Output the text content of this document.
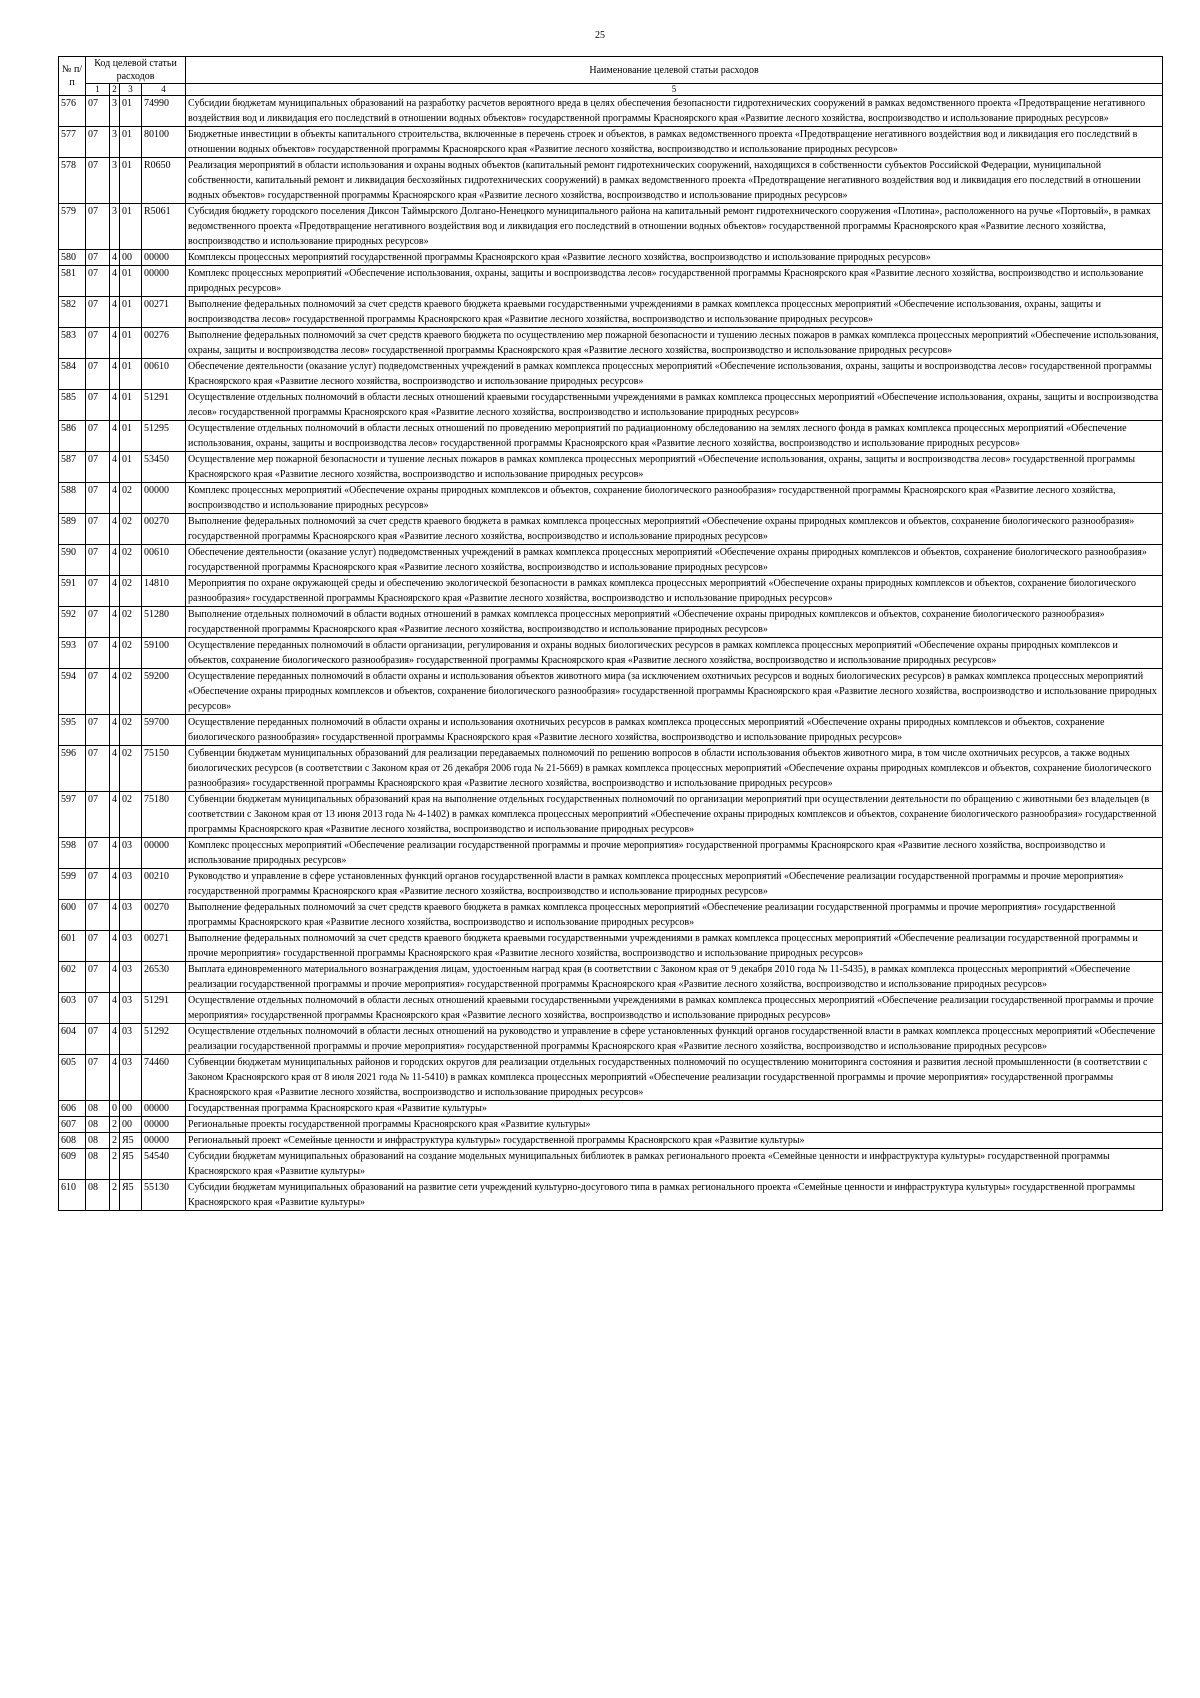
25
№ п/п	Код целевой статьи расходов				Наименование целевой статьи расходов
	1	2	3	4	5
576	07	3	01	74990	Субсидии бюджетам муниципальных образований на разработку расчетов вероятного вреда в целях обеспечения безопасности гидротехнических сооружений в рамках ведомственного проекта «Предотвращение негативного воздействия вод и ликвидация его последствий в отношении водных объектов» государственной программы Красноярского края «Развитие лесного хозяйства, воспроизводство и использование природных ресурсов»
577	07	3	01	80100	Бюджетные инвестиции в объекты капитального строительства, включенные в перечень строек и объектов, в рамках ведомственного проекта «Предотвращение негативного воздействия вод и ликвидация его последствий в отношении водных объектов» государственной программы Красноярского края «Развитие лесного хозяйства, воспроизводство и использование природных ресурсов»
578	07	3	01	R0650	Реализация мероприятий в области использования и охраны водных объектов (капитальный ремонт гидротехнических сооружений, находящихся в собственности субъектов Российской Федерации, муниципальной собственности, капитальный ремонт и ликвидация бесхозяйных гидротехнических сооружений) в рамках ведомственного проекта «Предотвращение негативного воздействия вод и ликвидация его последствий в отношении водных объектов» государственной программы Красноярского края «Развитие лесного хозяйства, воспроизводство и использование природных ресурсов»
579	07	3	01	R5061	Субсидия бюджету городского поселения Диксон Таймырского Долгано-Ненецкого муниципального района на капитальный ремонт гидротехнического сооружения «Плотина», расположенного на ручье «Портовый», в рамках ведомственного проекта «Предотвращение негативного воздействия вод и ликвидация его последствий в отношении водных объектов» государственной программы Красноярского края «Развитие лесного хозяйства, воспроизводство и использование природных ресурсов»
580	07	4	00	00000	Комплексы процессных мероприятий государственной программы Красноярского края «Развитие лесного хозяйства, воспроизводство и использование природных ресурсов»
581	07	4	01	00000	Комплекс процессных мероприятий «Обеспечение использования, охраны, защиты и воспроизводства лесов» государственной программы Красноярского края «Развитие лесного хозяйства, воспроизводство и использование природных ресурсов»
582	07	4	01	00271	Выполнение федеральных полномочий за счет средств краевого бюджета краевыми государственными учреждениями в рамках комплекса процессных мероприятий «Обеспечение использования, охраны, защиты и воспроизводства лесов» государственной программы Красноярского края «Развитие лесного хозяйства, воспроизводство и использование природных ресурсов»
583	07	4	01	00276	Выполнение федеральных полномочий за счет средств краевого бюджета по осуществлению мер пожарной безопасности и тушению лесных пожаров в рамках комплекса процессных мероприятий «Обеспечение использования, охраны, защиты и воспроизводства лесов» государственной программы Красноярского края «Развитие лесного хозяйства, воспроизводство и использование природных ресурсов»
584	07	4	01	00610	Обеспечение деятельности (оказание услуг) подведомственных учреждений в рамках комплекса процессных мероприятий «Обеспечение использования, охраны, защиты и воспроизводства лесов» государственной программы Красноярского края «Развитие лесного хозяйства, воспроизводство и использование природных ресурсов»
585	07	4	01	51291	Осуществление отдельных полномочий в области лесных отношений краевыми государственными учреждениями в рамках комплекса процессных мероприятий «Обеспечение использования, охраны, защиты и воспроизводства лесов» государственной программы Красноярского края «Развитие лесного хозяйства, воспроизводство и использование природных ресурсов»
586	07	4	01	51295	Осуществление отдельных полномочий в области лесных отношений по проведению мероприятий по радиационному обследованию на землях лесного фонда в рамках комплекса процессных мероприятий «Обеспечение использования, охраны, защиты и воспроизводства лесов» государственной программы Красноярского края «Развитие лесного хозяйства, воспроизводство и использование природных ресурсов»
587	07	4	01	53450	Осуществление мер пожарной безопасности и тушение лесных пожаров в рамках комплекса процессных мероприятий «Обеспечение использования, охраны, защиты и воспроизводства лесов» государственной программы Красноярского края «Развитие лесного хозяйства, воспроизводство и использование природных ресурсов»
588	07	4	02	00000	Комплекс процессных мероприятий «Обеспечение охраны природных комплексов и объектов, сохранение биологического разнообразия» государственной программы Красноярского края «Развитие лесного хозяйства, воспроизводство и использование природных ресурсов»
589	07	4	02	00270	Выполнение федеральных полномочий за счет средств краевого бюджета в рамках комплекса процессных мероприятий «Обеспечение охраны природных комплексов и объектов, сохранение биологического разнообразия» государственной программы Красноярского края «Развитие лесного хозяйства, воспроизводство и использование природных ресурсов»
590	07	4	02	00610	Обеспечение деятельности (оказание услуг) подведомственных учреждений в рамках комплекса процессных мероприятий «Обеспечение охраны природных комплексов и объектов, сохранение биологического разнообразия» государственной программы Красноярского края «Развитие лесного хозяйства, воспроизводство и использование природных ресурсов»
591	07	4	02	14810	Мероприятия по охране окружающей среды и обеспечению экологической безопасности в рамках комплекса процессных мероприятий «Обеспечение охраны природных комплексов и объектов, сохранение биологического разнообразия» государственной программы Красноярского края «Развитие лесного хозяйства, воспроизводство и использование природных ресурсов»
592	07	4	02	51280	Выполнение отдельных полномочий в области водных отношений в рамках комплекса процессных мероприятий «Обеспечение охраны природных комплексов и объектов, сохранение биологического разнообразия» государственной программы Красноярского края «Развитие лесного хозяйства, воспроизводство и использование природных ресурсов»
593	07	4	02	59100	Осуществление переданных полномочий в области организации, регулирования и охраны водных биологических ресурсов в рамках комплекса процессных мероприятий «Обеспечение охраны природных комплексов и объектов, сохранение биологического разнообразия» государственной программы Красноярского края «Развитие лесного хозяйства, воспроизводство и использование природных ресурсов»
594	07	4	02	59200	Осуществление переданных полномочий в области охраны и использования объектов животного мира (за исключением охотничьих ресурсов и водных биологических ресурсов) в рамках комплекса процессных мероприятий «Обеспечение охраны природных комплексов и объектов, сохранение биологического разнообразия» государственной программы Красноярского края «Развитие лесного хозяйства, воспроизводство и использование природных ресурсов»
595	07	4	02	59700	Осуществление переданных полномочий в области охраны и использования охотничьих ресурсов в рамках комплекса процессных мероприятий «Обеспечение охраны природных комплексов и объектов, сохранение биологического разнообразия» государственной программы Красноярского края «Развитие лесного хозяйства, воспроизводство и использование природных ресурсов»
596	07	4	02	75150	Субвенции бюджетам муниципальных образований для реализации передаваемых полномочий по решению вопросов в области использования объектов животного мира, в том числе охотничьих ресурсов, а также водных биологических ресурсов (в соответствии с Законом края от 26 декабря 2006 года № 21-5669) в рамках комплекса процессных мероприятий «Обеспечение охраны природных комплексов и объектов, сохранение биологического разнообразия» государственной программы Красноярского края «Развитие лесного хозяйства, воспроизводство и использование природных ресурсов»
597	07	4	02	75180	Субвенции бюджетам муниципальных образований края на выполнение отдельных государственных полномочий по организации мероприятий при осуществлении деятельности по обращению с животными без владельцев (в соответствии с Законом края от 13 июня 2013 года № 4-1402) в рамках комплекса процессных мероприятий «Обеспечение охраны природных комплексов и объектов, сохранение биологического разнообразия» государственной программы Красноярского края «Развитие лесного хозяйства, воспроизводство и использование природных ресурсов»
598	07	4	03	00000	Комплекс процессных мероприятий «Обеспечение реализации государственной программы и прочие мероприятия» государственной программы Красноярского края «Развитие лесного хозяйства, воспроизводство и использование природных ресурсов»
599	07	4	03	00210	Руководство и управление в сфере установленных функций органов государственной власти в рамках комплекса процессных мероприятий «Обеспечение реализации государственной программы и прочие мероприятия» государственной программы Красноярского края «Развитие лесного хозяйства, воспроизводство и использование природных ресурсов»
600	07	4	03	00270	Выполнение федеральных полномочий за счет средств краевого бюджета в рамках комплекса процессных мероприятий «Обеспечение реализации государственной программы и прочие мероприятия» государственной программы Красноярского края «Развитие лесного хозяйства, воспроизводство и использование природных ресурсов»
601	07	4	03	00271	Выполнение федеральных полномочий за счет средств краевого бюджета краевыми государственными учреждениями в рамках комплекса процессных мероприятий «Обеспечение реализации государственной программы и прочие мероприятия» государственной программы Красноярского края «Развитие лесного хозяйства, воспроизводство и использование природных ресурсов»
602	07	4	03	26530	Выплата единовременного материального вознаграждения лицам, удостоенным наград края (в соответствии с Законом края от 9 декабря 2010 года № 11-5435), в рамках комплекса процессных мероприятий «Обеспечение реализации государственной программы и прочие мероприятия» государственной программы Красноярского края «Развитие лесного хозяйства, воспроизводство и использование природных ресурсов»
603	07	4	03	51291	Осуществление отдельных полномочий в области лесных отношений краевыми государственными учреждениями в рамках комплекса процессных мероприятий «Обеспечение реализации государственной программы и прочие мероприятия» государственной программы Красноярского края «Развитие лесного хозяйства, воспроизводство и использование природных ресурсов»
604	07	4	03	51292	Осуществление отдельных полномочий в области лесных отношений на руководство и управление в сфере установленных функций органов государственной власти в рамках комплекса процессных мероприятий «Обеспечение реализации государственной программы и прочие мероприятия» государственной программы Красноярского края «Развитие лесного хозяйства, воспроизводство и использование природных ресурсов»
605	07	4	03	74460	Субвенции бюджетам муниципальных районов и городских округов для реализации отдельных государственных полномочий по осуществлению мониторинга состояния и развития лесной промышленности (в соответствии с Законом Красноярского края от 8 июля 2021 года № 11-5410) в рамках комплекса процессных мероприятий «Обеспечение реализации государственной программы и прочие мероприятия» государственной программы Красноярского края «Развитие лесного хозяйства, воспроизводство и использование природных ресурсов»
606	08	0	00	00000	Государственная программа Красноярского края «Развитие культуры»
607	08	2	00	00000	Региональные проекты государственной программы Красноярского края «Развитие культуры»
608	08	2	Я5	00000	Региональный проект «Семейные ценности и инфраструктура культуры» государственной программы Красноярского края «Развитие культуры»
609	08	2	Я5	54540	Субсидии бюджетам муниципальных образований на создание модельных муниципальных библиотек в рамках регионального проекта «Семейные ценности и инфраструктура культуры» государственной программы Красноярского края «Развитие культуры»
610	08	2	Я5	55130	Субсидии бюджетам муниципальных образований на развитие сети учреждений культурно-досугового типа в рамках регионального проекта «Семейные ценности и инфраструктура культуры» государственной программы Красноярского края «Развитие культуры»
